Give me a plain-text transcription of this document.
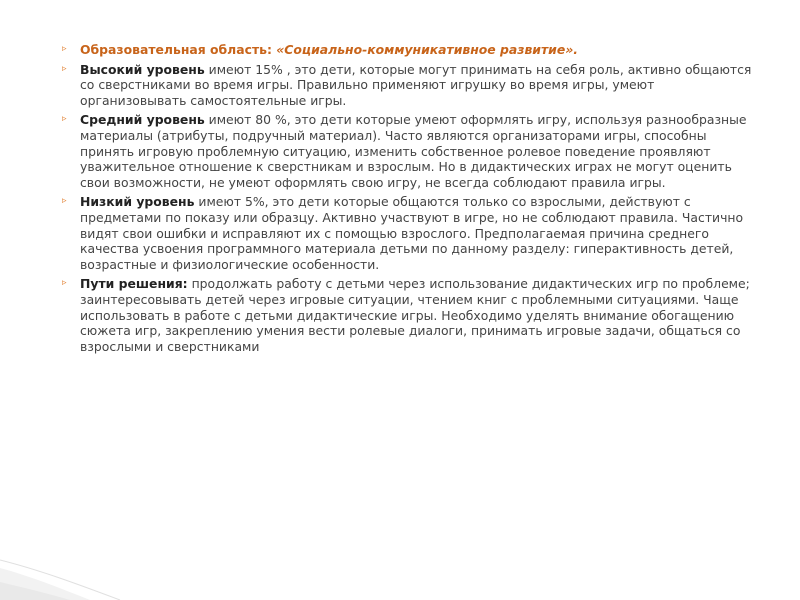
▹ Образовательная область: «Социально-коммуникативное развитие».
▹ Высокий уровень имеют 15% , это дети, которые могут принимать на себя роль, активно общаются со сверстниками во время игры. Правильно применяют игрушку во время игры, умеют организовывать самостоятельные игры.
▹ Средний уровень имеют 80 %, это дети которые умеют оформлять игру, используя разнообразные материалы (атрибуты, подручный материал). Часто являются организаторами игры, способны принять игровую проблемную ситуацию, изменить собственное ролевое поведение проявляют уважительное отношение к сверстникам и взрослым. Но в дидактических играх не могут оценить свои возможности, не умеют оформлять свою игру, не всегда соблюдают правила игры.
▹ Низкий уровень имеют 5%, это дети которые общаются только со взрослыми, действуют с предметами по показу или образцу. Активно участвуют в игре, но не соблюдают правила. Частично видят свои ошибки и исправляют их с помощью взрослого. Предполагаемая причина среднего качества усвоения программного материала детьми по данному разделу: гиперактивность детей, возрастные и физиологические особенности.
▹ Пути решения: продолжать работу с детьми через использование дидактических игр по проблеме; заинтересовывать детей через игровые ситуации, чтением книг с проблемными ситуациями. Чаще использовать в работе с детьми дидактические игры. Необходимо уделять внимание обогащению сюжета игр, закреплению умения вести ролевые диалоги, принимать игровые задачи, общаться со взрослыми и сверстниками
